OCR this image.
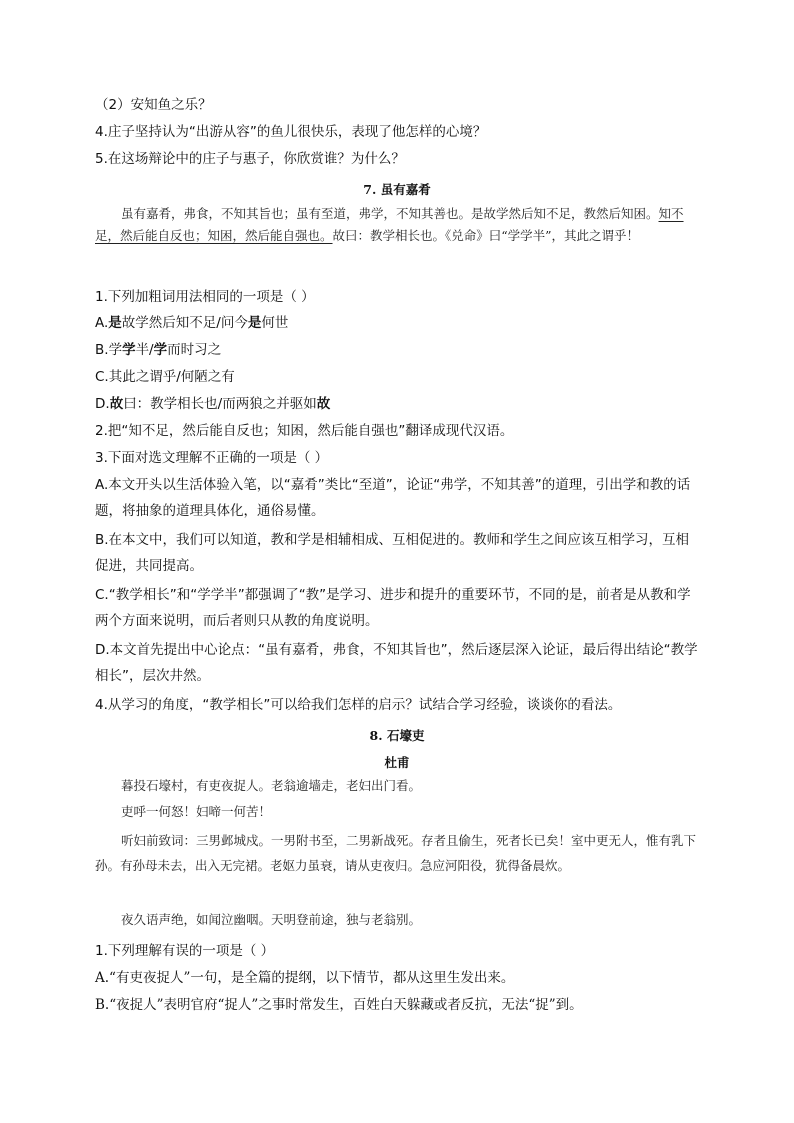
（2）安知鱼之乐？
4.庄子坚持认为“出游从容”的鱼儿很快乐，表现了他怎样的心境？
5.在这场辩论中的庄子与惠子，你欣赏谁？为什么？
7. 虽有嘉肴
虽有嘉肴，弗食，不知其旨也；虽有至道，弗学，不知其善也。是故学然后知不足，教然后知困。知不足，然后能自反也；知困，然后能自强也。故曰：教学相长也。《兑命》曰“学学半”，其此之谓乎！
1.下列加粗词用法相同的一项是（ ）
A.是故学然后知不足/问今是何世
B.学学半/学而时习之
C.其此之谓乎/何陋之有
D.故曰：教学相长也/而两狼之并驱如故
2.把“知不足，然后能自反也；知困，然后能自强也”翻译成现代汉语。
3.下面对选文理解不正确的一项是（ ）
A.本文开头以生活体验入笔，以“嘉肴”类比“至道”，论证“弗学，不知其善”的道理，引出学和教的话题，将抽象的道理具体化，通俗易懂。
B.在本文中，我们可以知道，教和学是相辅相成、互相促进的。教师和学生之间应该互相学习，互相促进，共同提高。
C.“教学相长”和“学学半”都强调了“教”是学习、进步和提升的重要环节，不同的是，前者是从教和学两个方面来说明，而后者则只从教的角度说明。
D.本文首先提出中心论点：“虽有嘉肴，弗食，不知其旨也”，然后逐层深入论证，最后得出结论“教学相长”，层次井然。
4.从学习的角度，“教学相长”可以给我们怎样的启示？试结合学习经验，谈谈你的看法。
8. 石壕吏
杜甫
暮投石壕村，有吏夜捉人。老翁逾墙走，老妇出门看。
吏呼一何怒！妇啼一何苦！
听妇前致词：三男邺城戍。一男附书至，二男新战死。存者且偷生，死者长已矣！室中更无人，惟有乳下孙。有孙母未去，出入无完裙。老妪力虽衰，请从吏夜归。急应河阳役，犹得备晨炊。
夜久语声绝，如闻泣幽咽。天明登前途，独与老翁别。
1.下列理解有误的一项是（ ）
A.“有吏夜捉人”一句，是全篇的提纲，以下情节，都从这里生发出来。
B.“夜捉人”表明官府“捉人”之事时常发生，百姓白天躲藏或者反抗，无法“捉”到。
